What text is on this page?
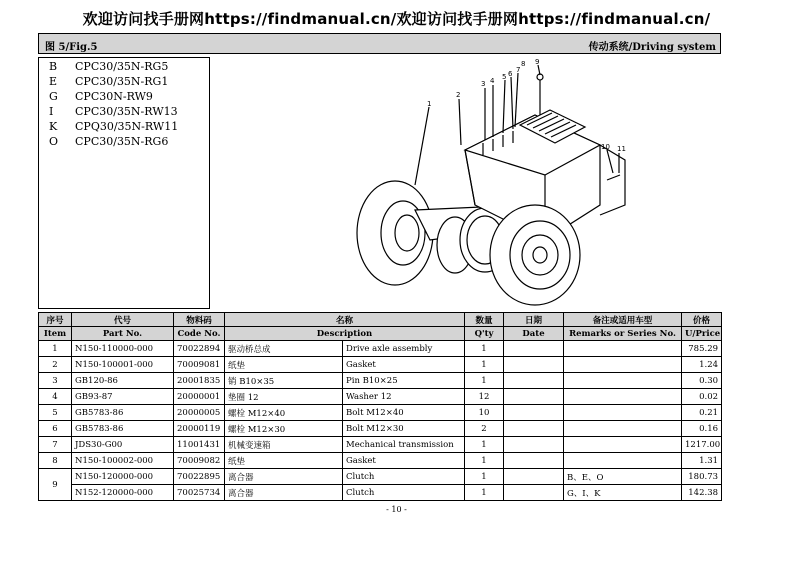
欢迎访问找手册网https://findmanual.cn/欢迎访问找手册网https://findmanual.cn/
图 5/Fig.5	传动系统/Driving system
B CPC30/35N-RG5
E CPC30/35N-RG1
G CPC30N-RW9
I CPC30/35N-RW13
K CPQ30/35N-RW11
O CPC30/35N-RG6
1
2
3 4 5 6 7
8 9
10 11
序号	代号	物料码	名称		数量	日期	备注或适用车型	价格
Item	Part No.	Code No.	Description		Q'ty	Date	Remarks or Series No.	U/Price
1	N150-110000-000	70022894	驱动桥总成	Drive axle assembly	1			785.29
2	N150-100001-000	70009081	纸垫	Gasket	1			1.24
3	GB120-86	20001835	销 B10×35	Pin B10×25	1			0.30
4	GB93-87	20000001	垫圈 12	Washer 12	12			0.02
5	GB5783-86	20000005	螺栓 M12×40	Bolt M12×40	10			0.21
6	GB5783-86	20000119	螺栓 M12×30	Bolt M12×30	2			0.16
7	JDS30-G00	11001431	机械变速箱	Mechanical transmission	1			1217.00
8	N150-100002-000	70009082	纸垫	Gasket	1			1.31
9	N150-120000-000	70022895	离合器	Clutch	1		B、E、O	180.73
	N152-120000-000	70025734	离合器	Clutch	1		G、I、K	142.38
- 10 -
